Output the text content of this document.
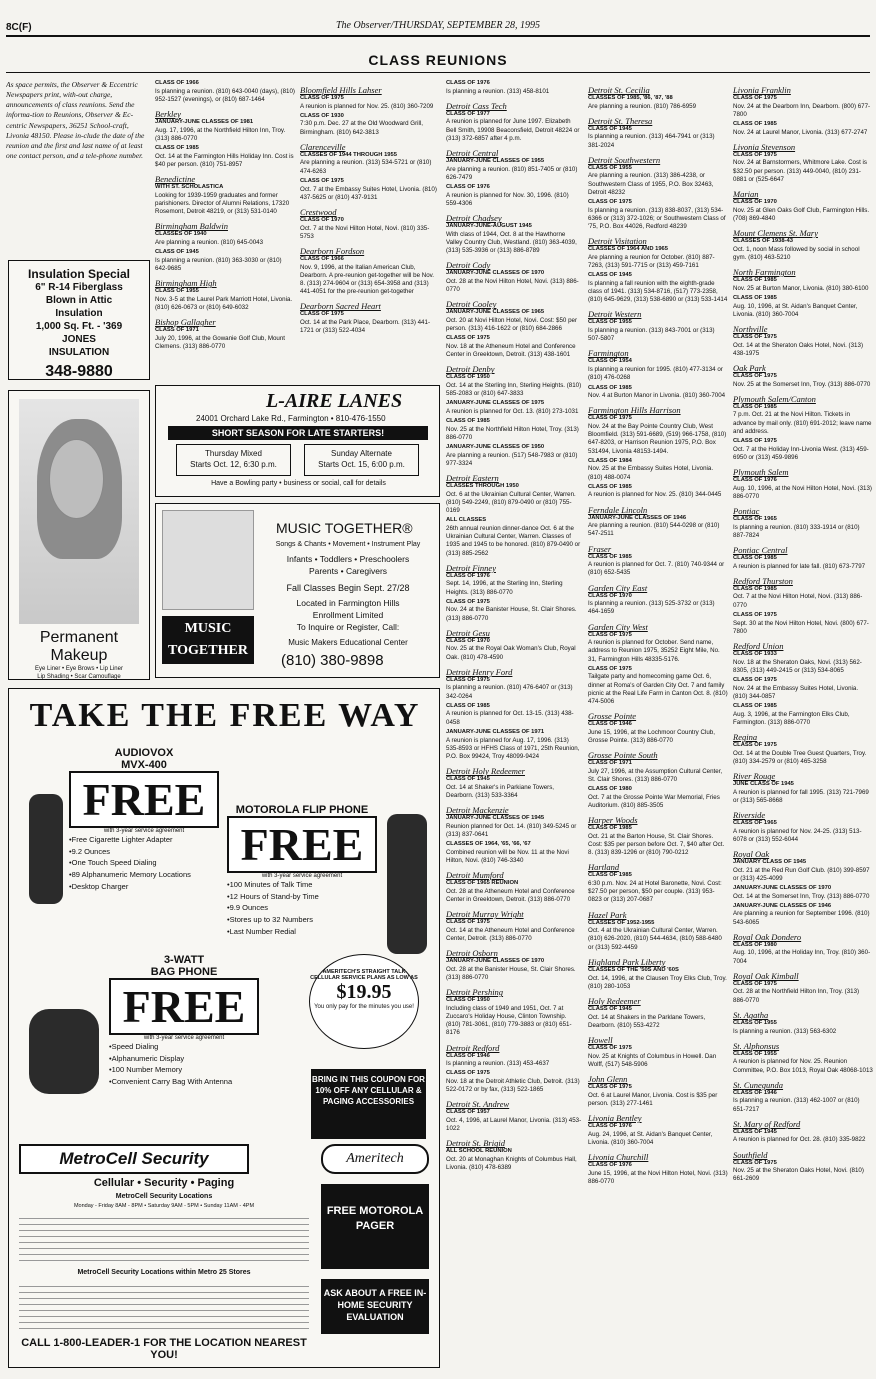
8C(F)	The Observer/THURSDAY, SEPTEMBER 28, 1995
CLASS REUNIONS
As space permits, the Observer & Eccentric Newspapers print, with-out charge, announcements of class reunions. Send the informa-tion to Reunions, Observer & Ec-centric Newspapers, 36251 School-craft, Livonia 48150. Please in-clude the date of the reunion and the first and last name of at least one contact person, and a tele-phone number.
CLASS OF 1966

Is planning a reunion. (810) 643-0040 (days), (810) 952-1527 (evenings), or (810) 687-1464

Berkley
JANUARY-JUNE CLASSES OF 1981

Aug. 17, 1996, at the Northfield Hilton Inn, Troy. (313) 886-0770

CLASS OF 1985

Oct. 14 at the Farmington Hills Holiday Inn. Cost is $40 per person. (810) 751-8957

Benedictine
WITH ST. SCHOLASTICA

Looking for 1939-1959 graduates and former parishioners. Director of Alumni Relations, 17320 Rosemont, Detroit 48219, or (313) 531-0140

Birmingham Baldwin
CLASSES OF 1940

Are planning a reunion. (810) 645-0043

CLASS OF 1945

Is planning a reunion. (810) 363-3030 or (810) 642-9685

Birmingham High
CLASS OF 1955

Nov. 3-5 at the Laurel Park Marriott Hotel, Livonia. (810) 626-0673 or (810) 649-6032

Bishop Gallagher
CLASS OF 1971

July 20, 1996, at the Gowanie Golf Club, Mount Clemens. (313) 886-0770

Bloomfield Hills Lahser
CLASS OF 1975

A reunion is planned for Nov. 25. (810) 360-7209

CLASS OF 1930

7:30 p.m. Dec. 27 at the Old Woodward Grill, Birmingham. (810) 642-3813

Clarenceville
CLASSES OF 1944 THROUGH 1955

Are planning a reunion. (313) 534-5721 or (810) 474-6263

CLASS OF 1975

Oct. 7 at the Embassy Suites Hotel, Livonia. (810) 437-5625 or (810) 437-9131

Crestwood
CLASS OF 1970

Oct. 7 at the Novi Hilton Hotel, Novi. (810) 335-5753

Dearborn Fordson
CLASS OF 1966

Nov. 9, 1996, at the Italian American Club, Dearborn. A pre-reunion get-together will be Nov. 8. (313) 274-9604 or (313) 654-3958 and (313) 441-4051 for the pre-reunion get-together

Dearborn Sacred Heart
CLASS OF 1975

Oct. 14 at the Park Place, Dearborn. (313) 441-1721 or (313) 522-4034

CLASS OF 1976

Is planning a reunion. (313) 458-8101

Detroit Cass Tech
CLASS OF 1977

A reunion is planned for June 1997. Elizabeth Bell Smith, 19908 Beaconsfield, Detroit 48224 or (313) 372-6857 after 4 p.m.

Detroit Central
JANUARY-JUNE CLASSES OF 1955

Are planning a reunion. (810) 851-7405 or (810) 626-7479

CLASS OF 1976

A reunion is planned for Nov. 30, 1996. (810) 559-4306

Detroit Chadsey
JANUARY-JUNE-AUGUST 1945

With class of 1944, Oct. 8 at the Hawthorne Valley Country Club, Westland. (810) 363-4039, (313) 535-3936 or (313) 886-8789

Detroit Cody
JANUARY-JUNE CLASSES OF 1970

Oct. 28 at the Novi Hilton Hotel, Novi. (313) 886-0770

Detroit Cooley
JANUARY-JUNE CLASSES OF 1965

Oct. 20 at Novi Hilton Hotel, Novi. Cost: $50 per person. (313) 416-1622 or (810) 684-2866

CLASS OF 1975

Nov. 18 at the Atheneum Hotel and Conference Center in Greektown, Detroit. (313) 438-1601

Detroit Denby
CLASS OF 1950

Oct. 14 at the Sterling Inn, Sterling Heights. (810) 585-2083 or (810) 647-3833

JANUARY-JUNE CLASSES OF 1975

A reunion is planned for Oct. 13. (810) 273-1031

CLASS OF 1985

Nov. 25 at the Northfield Hilton Hotel, Troy. (313) 886-0770

JANUARY-JUNE CLASSES OF 1950

Are planning a reunion. (517) 548-7983 or (810) 977-3324

Detroit Eastern
CLASSES THROUGH 1950

Oct. 6 at the Ukrainian Cultural Center, Warren. (810) 549-2249, (810) 879-0490 or (810) 755-0169

ALL CLASSES

26th annual reunion dinner-dance Oct. 6 at the Ukrainian Cultural Center, Warren. Classes of 1935 and 1945 to be honored. (810) 879-0490 or (313) 885-2562

Detroit Finney
CLASS OF 1976

Sept. 14, 1996, at the Sterling Inn, Sterling Heights. (313) 886-0770

CLASS OF 1975

Nov. 24 at the Banister House, St. Clair Shores. (313) 886-0770

Detroit Gesu
CLASS OF 1970

Nov. 25 at the Royal Oak Woman's Club, Royal Oak. (810) 478-4590

Detroit Henry Ford
CLASS OF 1975

Is planning a reunion. (810) 476-6407 or (313) 342-0264

CLASS OF 1985

A reunion is planned for Oct. 13-15. (313) 438-0458

JANUARY-JUNE CLASSES OF 1971

A reunion is planned for Aug. 17, 1996. (313) 535-8593 or HFHS Class of 1971, 25th Reunion, P.O. Box 99424, Troy 48099-9424

Detroit Holy Redeemer
CLASS OF 1945

Oct. 14 at Shaker's in Parkiane Towers, Dearborn. (313) 533-3364

Detroit Mackenzie
JANUARY-JUNE CLASSES OF 1945

Reunion planned for Oct. 14. (810) 349-5245 or (313) 837-0641

CLASSES OF 1964, '65, '66, '67

Combined reunion will be Nov. 11 at the Novi Hilton, Novi. (810) 746-3340

Detroit Mumford
CLASS OF 1965 REUNION

Oct. 28 at the Atheneum Hotel and Conference Center in Greektown, Detroit. (313) 886-0770

Detroit Murray Wright
CLASS OF 1975

Oct. 14 at the Atheneum Hotel and Conference Center, Detroit. (313) 886-0770

Detroit Osborn
JANUARY-JUNE CLASSES OF 1970

Oct. 28 at the Banister House, St. Clair Shores. (313) 886-0770

Detroit Pershing
CLASS OF 1950

Including class of 1949 and 1951, Oct. 7 at Zuccaro's Holiday House, Clinton Township. (810) 781-3061, (810) 779-3883 or (810) 651-8176

Detroit Redford
CLASS OF 1946

Is planning a reunion. (313) 453-4637

CLASS OF 1975

Nov. 18 at the Detroit Athletic Club, Detroit. (313) 522-0172 or by fax, (313) 522-1865

Detroit St. Andrew
CLASS OF 1957

Oct. 4, 1996, at Laurel Manor, Livonia. (313) 453-1022

Detroit St. Brigid
ALL SCHOOL REUNION

Oct. 20 at Monaghan Knights of Columbus Hall, Livonia. (810) 478-6389

Detroit St. Cecilia
CLASSES OF 1985, '86, '87, '88

Are planning a reunion. (810) 786-6959

Detroit St. Theresa
CLASS OF 1945

Is planning a reunion. (313) 464-7941 or (313) 381-2024

Detroit Southwestern
CLASS OF 1955

Are planning a reunion. (313) 386-4238, or Southwestern Class of 1955, P.O. Box 32463, Detroit 48232

CLASS OF 1975

Is planning a reunion. (313) 838-8037, (313) 534-6366 or (313) 372-1026; or Southwestern Class of '75, P.O. Box 44026, Redford 48239

Detroit Visitation
CLASSES OF 1964 AND 1965

Are planning a reunion for October. (810) 887-7263, (313) 591-7715 or (313) 459-7161

CLASS OF 1945

Is planning a fall reunion with the eighth-grade class of 1941. (313) 534-8716, (517) 773-2358, (810) 645-9629, (313) 538-6890 or (313) 533-1414

Detroit Western
CLASS OF 1955

Is planning a reunion. (313) 843-7001 or (313) 507-5807

Farmington
CLASS OF 1954

Is planning a reunion for 1995. (810) 477-3134 or (810) 476-0268

CLASS OF 1985

Nov. 4 at Burton Manor in Livonia. (810) 360-7004

Farmington Hills Harrison
CLASS OF 1975

Nov. 24 at the Bay Pointe Country Club, West Bloomfield. (313) 591-6689, (519) 966-1758, (810) 647-8203, or Harrison Reunion 1975, P.O. Box 531494, Livonia 48153-1494.

CLASS OF 1984

Nov. 25 at the Embassy Suites Hotel, Livonia. (810) 488-0074

CLASS OF 1985

A reunion is planned for Nov. 25. (810) 344-0445

Ferndale Lincoln
JANUARY-JUNE CLASSES OF 1946

Are planning a reunion. (810) 544-0298 or (810) 547-2511

Fraser
CLASS OF 1985

A reunion is planned for Oct. 7. (810) 740-9344 or (810) 652-5435

Garden City East
CLASS OF 1970

Is planning a reunion. (313) 525-3732 or (313) 464-1659

Garden City West
CLASS OF 1975

A reunion is planned for October. Send name, address to Reunion 1975, 35252 Eight Mile, No. 31, Farmington Hills 48335-5176.

CLASS OF 1975

Tailgate party and homecoming game Oct. 6, dinner at Roma's of Garden City Oct. 7 and family picnic at the Real Life Farm in Canton Oct. 8. (810) 474-5006

Grosse Pointe
CLASS OF 1946

June 15, 1996, at the Lochmoor Country Club, Grosse Pointe. (313) 886-0770

Grosse Pointe South
CLASS OF 1971

July 27, 1996, at the Assumption Cultural Center, St. Clair Shores. (313) 886-0770

CLASS OF 1980

Oct. 7 at the Grosse Pointe War Memorial, Fries Auditorium. (810) 885-3505

Harper Woods
CLASS OF 1985

Oct. 21 at the Barton House, St. Clair Shores. Cost: $35 per person before Oct. 7, $40 after Oct. 8. (313) 839-1296 or (810) 790-0212

Hartland
CLASS OF 1985

6:30 p.m. Nov. 24 at Hotel Baronette, Novi. Cost: $27.50 per person, $50 per couple. (313) 953-0823 or (313) 207-0687

Hazel Park
CLASSES OF 1952-1955

Oct. 4 at the Ukrainian Cultural Center, Warren. (810) 626-2020, (810) 544-4634, (810) 588-6480 or (313) 592-4459

Highland Park Liberty
CLASSES OF THE '50S AND '60S

Oct. 14, 1996, at the Clausen Troy Elks Club, Troy. (810) 280-1053

Holy Redeemer
CLASS OF 1945

Oct. 14 at Shakers in the Parklane Towers, Dearborn. (810) 553-4272

Howell
CLASS OF 1975

Nov. 25 at Knights of Columbus in Howell. Dan Wolff, (517) 548-5906

John Glenn
CLASS OF 1975

Oct. 6 at Laurel Manor, Livonia. Cost is $35 per person. (313) 277-1461

Livonia Bentley
CLASS OF 1976

Aug. 24, 1996, at St. Aidan's Banquet Center, Livonia. (810) 360-7004

Livonia Churchill
CLASS OF 1976

June 15, 1996, at the Novi Hilton Hotel, Novi. (313) 886-0770

Livonia Franklin
CLASS OF 1975

Nov. 24 at the Dearborn Inn, Dearborn. (800) 677-7800

CLASS OF 1985

Nov. 24 at Laurel Manor, Livonia. (313) 677-2747

Livonia Stevenson
CLASS OF 1975

Nov. 24 at Barnstormers, Whitmore Lake. Cost is $32.50 per person. (313) 449-0040, (810) 231-0881 or (525-6647

Marian
CLASS OF 1970

Nov. 25 at Glen Oaks Golf Club, Farmington Hills. (708) 869-4840

Mount Clemens St. Mary
CLASSES OF 1938-43

Oct. 1, noon Mass followed by social in school gym. (810) 463-5210

North Farmington
CLASS OF 1985

Nov. 25 at Burton Manor, Livonia. (810) 380-6100

CLASS OF 1985

Aug. 10, 1996, at St. Aidan's Banquet Center, Livonia. (810) 360-7004

Northville
CLASS OF 1975

Oct. 14 at the Sheraton Oaks Hotel, Novi. (313) 438-1975

Oak Park
CLASS OF 1975

Nov. 25 at the Somerset Inn, Troy. (313) 886-0770

Plymouth Salem/Canton
CLASS OF 1985

7 p.m. Oct. 21 at the Novi Hilton. Tickets in advance by mail only. (810) 691-2012; leave name and address.

CLASS OF 1975

Oct. 7 at the Holiday Inn-Livonia West. (313) 459-6950 or (313) 459-9896

Plymouth Salem
CLASS OF 1976

Aug. 10, 1996, at the Novi Hilton Hotel, Novi. (313) 886-0770

Pontiac
CLASS OF 1965

Is planning a reunion. (810) 333-1914 or (810) 887-7824

Pontiac Central
CLASS OF 1985

A reunion is planned for late fall. (810) 673-7797

Redford Thurston
CLASS OF 1985

Oct. 7 at the Novi Hilton Hotel, Novi. (313) 886-0770

CLASS OF 1975

Sept. 30 at the Novi Hilton Hotel, Novi. (800) 677-7800

Redford Union
CLASS OF 1933

Nov. 18 at the Sheraton Oaks, Novi. (313) 562-8305, (313) 449-2415 or (313) 534-8065

CLASS OF 1975

Nov. 24 at the Embassy Suites Hotel, Livonia. (810) 344-0857

CLASS OF 1985

Aug. 3, 1996, at the Farmington Elks Club, Farmington. (313) 886-0770

Regina
CLASS OF 1975

Oct. 14 at the Double Tree Guest Quarters, Troy. (810) 334-2579 or (810) 465-3258

River Rouge
JUNE CLASS OF 1945

A reunion is planned for fall 1995. (313) 721-7969 or (313) 565-8668

Riverside
CLASS OF 1965

A reunion is planned for Nov. 24-25. (313) 513-6078 or (313) 552-6044

Royal Oak
JANUARY CLASS OF 1945

Oct. 21 at the Red Run Golf Club. (810) 399-8597 or (313) 425-4099

JANUARY-JUNE CLASSES OF 1970

Oct. 14 at the Somerset Inn, Troy. (313) 886-0770

JANUARY-JUNE CLASSES OF 1946

Are planning a reunion for September 1996. (810) 543-6065

Royal Oak Dondero
CLASS OF 1980

Aug. 10, 1996, at the Holiday Inn, Troy. (810) 360-7004

Royal Oak Kimball
CLASS OF 1975

Oct. 28 at the Northfield Hilton Inn, Troy. (313) 886-0770

St. Agatha
CLASS OF 1955

Is planning a reunion. (313) 563-6302

St. Alphonsus
CLASS OF 1955

A reunion is planned for Nov. 25. Reunion Committee, P.O. Box 1013, Royal Oak 48068-1013

St. Cunegunda
CLASS OF 1946

Is planning a reunion. (313) 462-1007 or (810) 651-7217

St. Mary of Redford
CLASS OF 1945

A reunion is planned for Oct. 28. (810) 335-9822

Southfield
CLASS OF 1975

Nov. 25 at the Sheraton Oaks Hotel, Novi. (810) 661-2609

Insulation Special

6" R-14 Fiberglass

Blown in Attic

Insulation

1,000 Sq. Ft. - '369

JONES

INSULATION

348-9880

Permanent Makeup
Eye Liner • Eye Brows • Lip Liner
Lip Shading • Scar Camouflage
L-AIRE LANES
24001 Orchard Lake Rd., Farmington • 810-476-1550
SHORT SEASON FOR LATE STARTERS!
Thursday Mixed
Starts Oct. 12, 6:30 p.m.
Sunday Alternate
Starts Oct. 15, 6:00 p.m.
Have a Bowling party • business or social, call for details
MUSIC
TOGETHER
MUSIC TOGETHER®
Songs & Chants • Movement • Instrument Play
Infants • Toddlers • Preschoolers
Parents • Caregivers
Fall Classes Begin Sept. 27/28
Located in Farmington Hills
Enrollment Limited
To Inquire or Register, Call:
Music Makers Educational Center
(810) 380-9898
TAKE THE FREE WAY
AUDIOVOX
MVX-400
FREE
with 3-year service agreement
• Free Cigarette Lighter Adapter
• 9.2 Ounces
• One Touch Speed Dialing
• 89 Alphanumeric Memory Locations
• Desktop Charger
MOTOROLA FLIP PHONE
FREE
with 3-year service agreement
• 100 Minutes of Talk Time
• 12 Hours of Stand-by Time
• 9.9 Ounces
• Stores up to 32 Numbers
• Last Number Redial
3-WATT
BAG PHONE
FREE
with 3-year service agreement
• Speed Dialing
• Alphanumeric Display
• 100 Number Memory
• Convenient Carry Bag With Antenna
AMERITECH'S STRAIGHT TALK CELLULAR SERVICE PLANS AS LOW AS
$19.95
You only pay for the minutes you use!
BRING IN THIS COUPON FOR 10% OFF ANY CELLULAR & PAGING ACCESSORIES
MetroCell Security
Cellular • Security • Paging
MetroCell Security Locations
Monday - Friday 8AM - 8PM • Saturday 9AM - 5PM • Sunday 11AM - 4PM
MetroCell Security Locations within Metro 25 Stores
CALL 1-800-LEADER-1 FOR THE LOCATION NEAREST YOU!
Ameritech
FREE MOTOROLA PAGER
ASK ABOUT A FREE IN-HOME SECURITY EVALUATION
